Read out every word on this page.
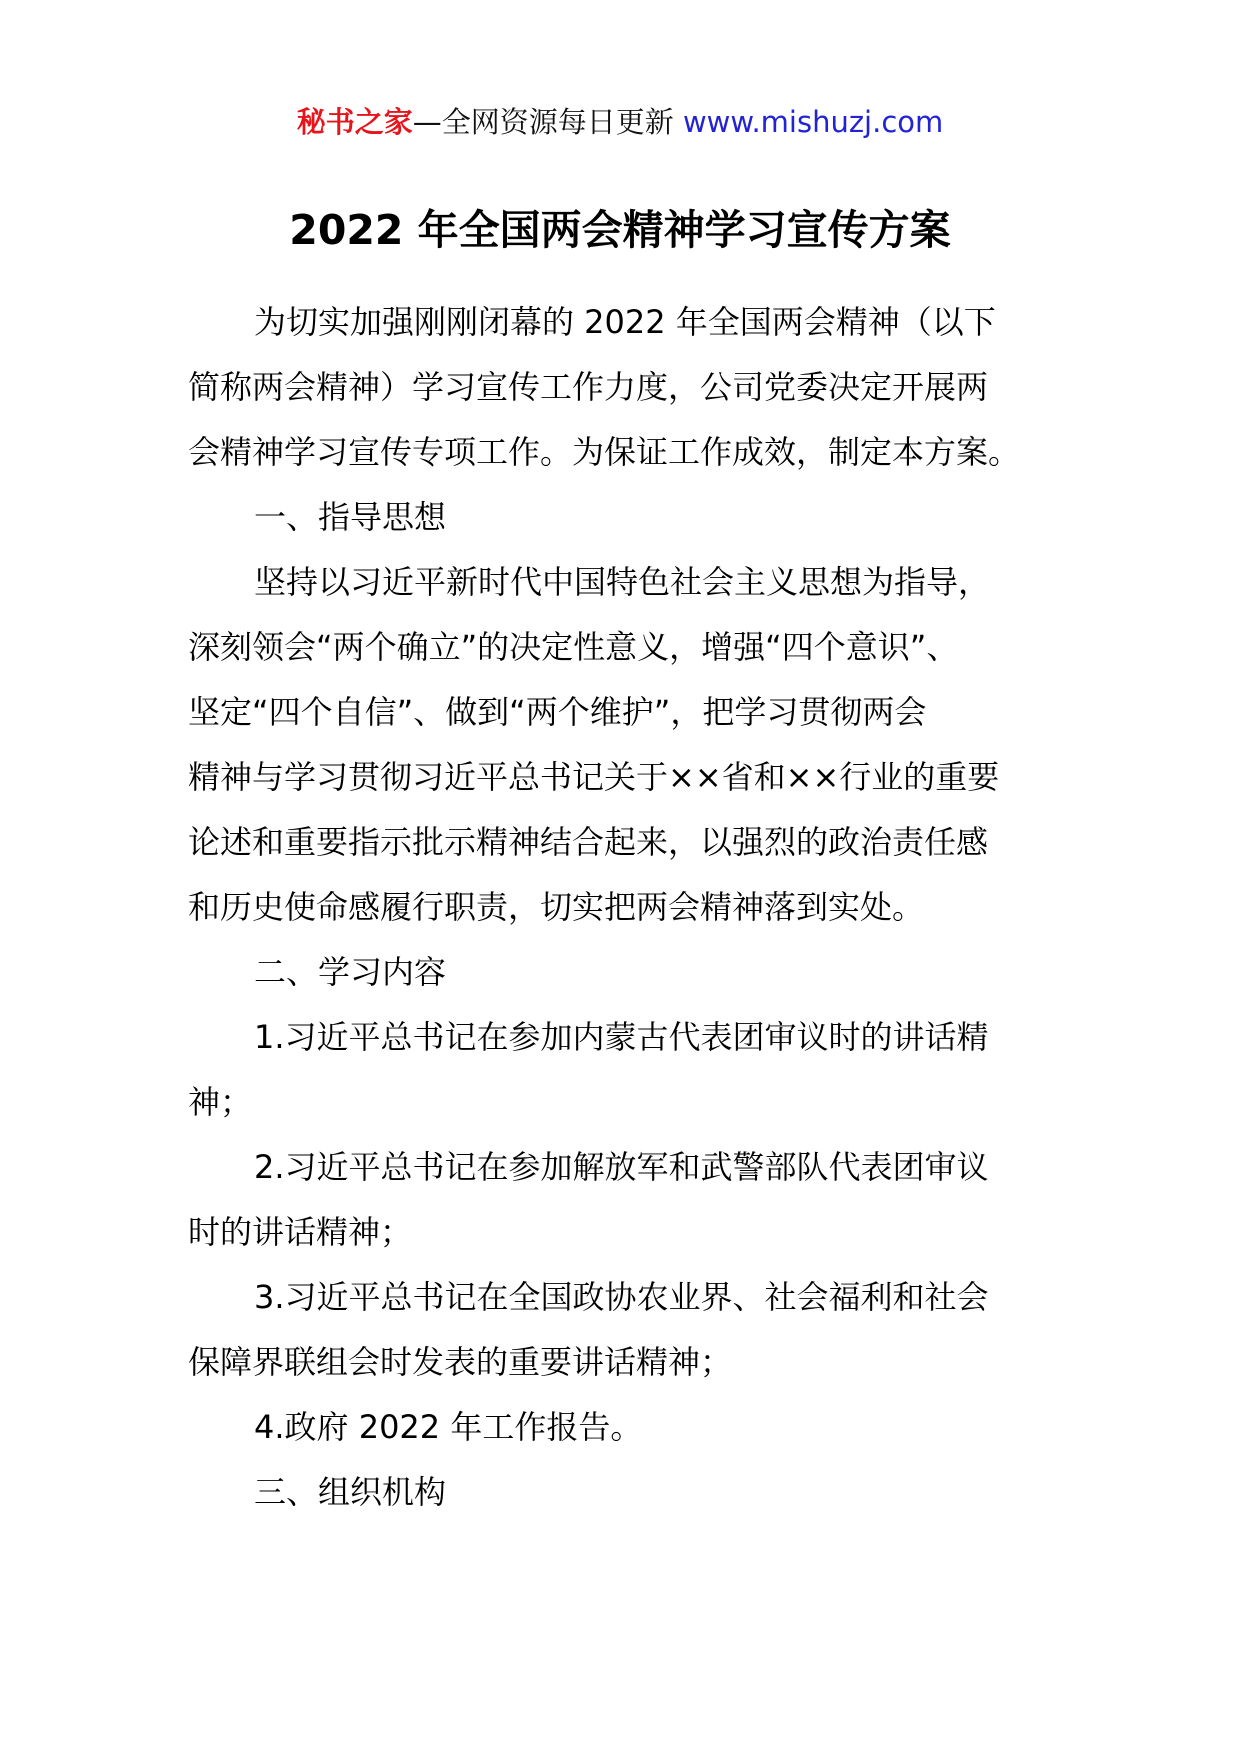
秘书之家—全网资源每日更新 www.mishuzj.com
2022 年全国两会精神学习宣传方案
为切实加强刚刚闭幕的 2022 年全国两会精神（以下
简称两会精神）学习宣传工作力度，公司党委决定开展两
会精神学习宣传专项工作。为保证工作成效，制定本方案。
一、指导思想
坚持以习近平新时代中国特色社会主义思想为指导，
深刻领会“两个确立”的决定性意义，增强“四个意识”、
坚定“四个自信”、做到“两个维护”，把学习贯彻两会
精神与学习贯彻习近平总书记关于××省和××行业的重要
论述和重要指示批示精神结合起来，以强烈的政治责任感
和历史使命感履行职责，切实把两会精神落到实处。
二、学习内容
1.习近平总书记在参加内蒙古代表团审议时的讲话精
神；
2.习近平总书记在参加解放军和武警部队代表团审议
时的讲话精神；
3.习近平总书记在全国政协农业界、社会福利和社会
保障界联组会时发表的重要讲话精神；
4.政府 2022 年工作报告。
三、组织机构
